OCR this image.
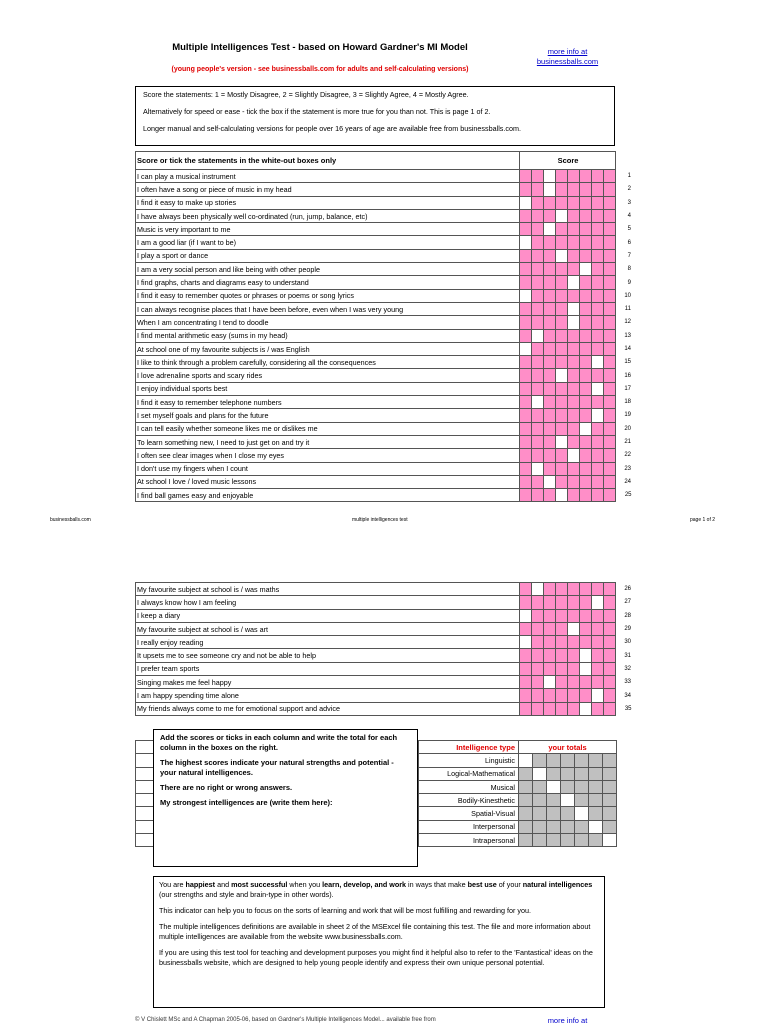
Multiple Intelligences Test - based on Howard Gardner's MI Model
(young people's version - see businessballs.com for adults and self-calculating versions)
more info at
businessballs.com

Score the statements: 1 = Mostly Disagree, 2 = Slightly Disagree, 3 = Slightly Agree, 4 = Mostly Agree.

Alternatively for speed or ease - tick the box if the statement is more true for you than not. This is page 1 of 2.

Longer manual and self-calculating versions for people over 16 years of age are available free from businessballs.com.

Score or tick the statements in the white-out boxes only	Score								
I can play a musical instrument									1
I often have a song or piece of music in my head									2
I find it easy to make up stories									3
I have always been physically well co-ordinated (run, jump, balance, etc)									4
Music is very important to me									5
I am a good liar (if I want to be)									6
I play a sport or dance									7
I am a very social person and like being with other people									8
I find graphs, charts and diagrams easy to understand									9
I find it easy to remember quotes or phrases or poems or song lyrics									10
I can always recognise places that I have been before, even when I was very young									11
When I am concentrating I tend to doodle									12
I find mental arithmetic easy (sums in my head)									13
At school one of my favourite subjects is / was English									14
I like to think through a problem carefully, considering all the consequences									15
I love adrenaline sports and scary rides									16
I enjoy individual sports best									17
I find it easy to remember telephone numbers									18
I set myself goals and plans for the future									19
I can tell easily whether someone likes me or dislikes me									20
To learn something new, I need to just get on and try it									21
I often see clear images when I close my eyes									22
I don't use my fingers when I count									23
At school I love / loved music lessons									24
I find ball games easy and enjoyable									25
businessballs.com	multiple intelligences test	page 1 of 2
My favourite subject at school is / was maths									26
I always know how I am feeling									27
I keep a diary									28
My favourite subject at school is / was art									29
I really enjoy reading									30
It upsets me to see someone cry and not be able to help									31
I prefer team sports									32
Singing makes me feel happy									33
I am happy spending time alone									34
My friends always come to me for emotional support and advice									35

Add the scores or ticks in each column and write the total for each column in the boxes on the right.

The highest scores indicate your natural strengths and potential - your natural intelligences.

There are no right or wrong answers.

My strongest intelligences are (write them here):

Intelligence type	your totals						
Linguistic							
Logical-Mathematical							
Musical							
Bodily-Kinesthetic							
Spatial-Visual							
Interpersonal							
Intrapersonal							

You are happiest and most successful when you learn, develop, and work in ways that make best use of your natural intelligences (our strengths and style and brain-type in other words).

This indicator can help you to focus on the sorts of learning and work that will be most fulfilling and rewarding for you.

The multiple intelligences definitions are available in sheet 2 of the MSExcel file containing this test. The file and more information about multiple intelligences are available from the website www.businessballs.com.

If you are using this test tool for teaching and development purposes you might find it helpful also to refer to the 'Fantastical' ideas on the businessballs website, which are designed to help young people identify and express their own unique personal potential.

© V Chislett MSc and A Chapman 2005-06, based on Gardner's Multiple Intelligences Model... available free from	more info at
